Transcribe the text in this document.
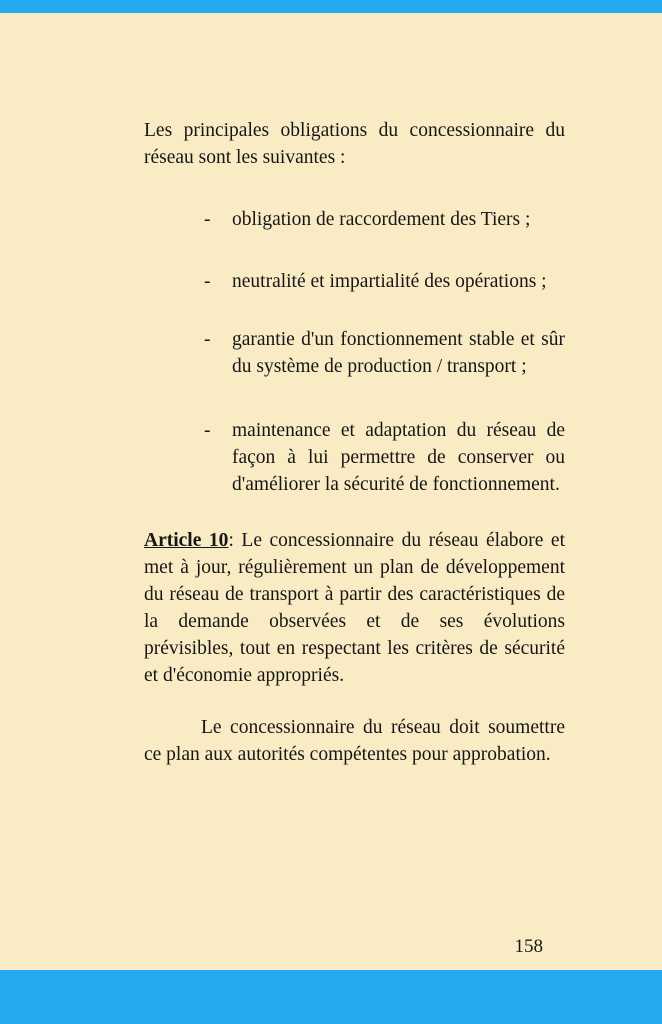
Les principales obligations du concessionnaire du réseau sont les suivantes :

- obligation de raccordement des Tiers ;
- neutralité et impartialité des opérations ;
- garantie d'un fonctionnement stable et sûr du système de production / transport ;
- maintenance et adaptation du réseau de façon à lui permettre de conserver ou d'améliorer la sécurité de fonctionnement.

Article 10: Le concessionnaire du réseau élabore et met à jour, régulièrement un plan de développement du réseau de transport à partir des caractéristiques de la demande observées et de ses évolutions prévisibles, tout en respectant les critères de sécurité et d'économie appropriés.

Le concessionnaire du réseau doit soumettre ce plan aux autorités compétentes pour approbation.

158
